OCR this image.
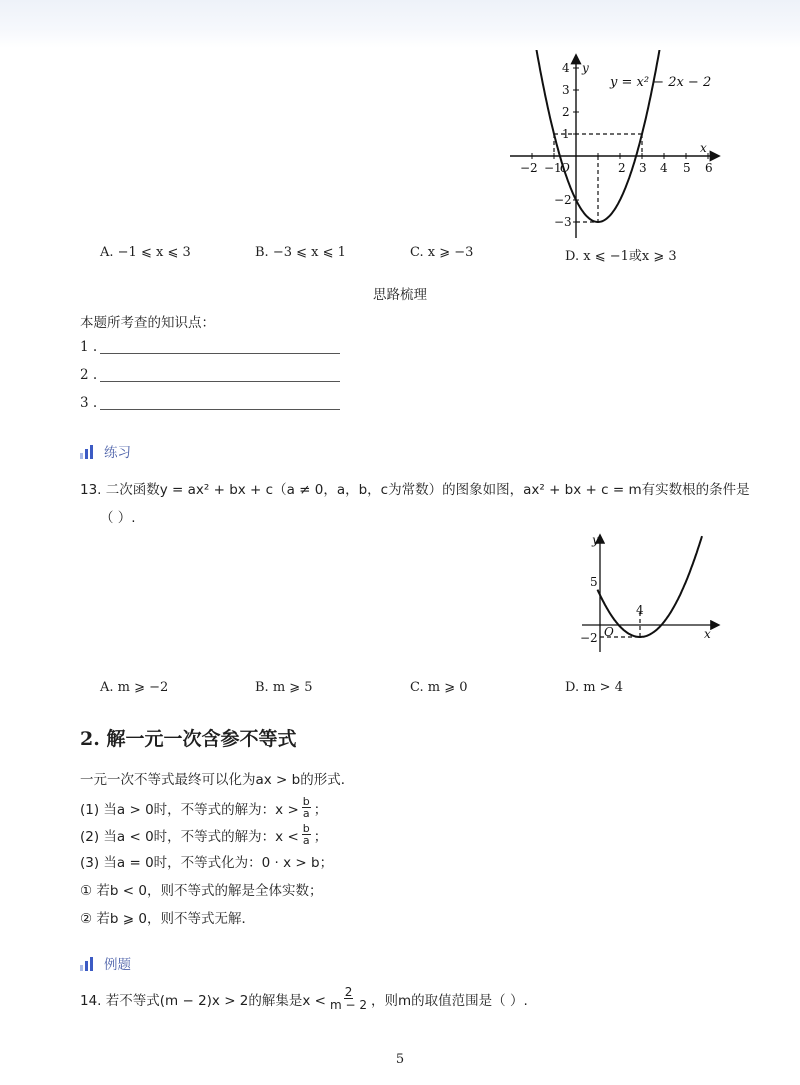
−2 −1	2 3 4 5 6
4
3
2
1
−2
−3
O
y
x
y = x² − 2x − 2
A. −1 ⩽ x ⩽ 3	B. −3 ⩽ x ⩽ 1	C. x ⩾ −3	D. x ⩽ −1或x ⩾ 3
思路梳理
本题所考查的知识点：
1 .
2 .
3 .
练习
13. 二次函数y = ax² + bx + c（a ≠ 0，a，b，c为常数）的图象如图，ax² + bx + c = m有实数根的条件是
（ ）.
y
x
O
5
4
−2
A. m ⩾ −2	B. m ⩾ 5	C. m ⩾ 0	D. m > 4
2. 解一元一次含参不等式
一元一次不等式最终可以化为ax > b的形式．
(1) 当a > 0时，不等式的解为：$x > \frac{b}{a}$ ；
(2) 当a < 0时，不等式的解为：$x < \frac{b}{a}$ ；
(3) 当a = 0时，不等式化为：0 · x > b；
① 若b < 0，则不等式的解是全体实数；
② 若b ⩾ 0，则不等式无解．
例题
14. 若不等式(m − 2)x > 2的解集是$x < \frac{2}{m - 2}$ ，则m的取值范围是（ ）.
5
